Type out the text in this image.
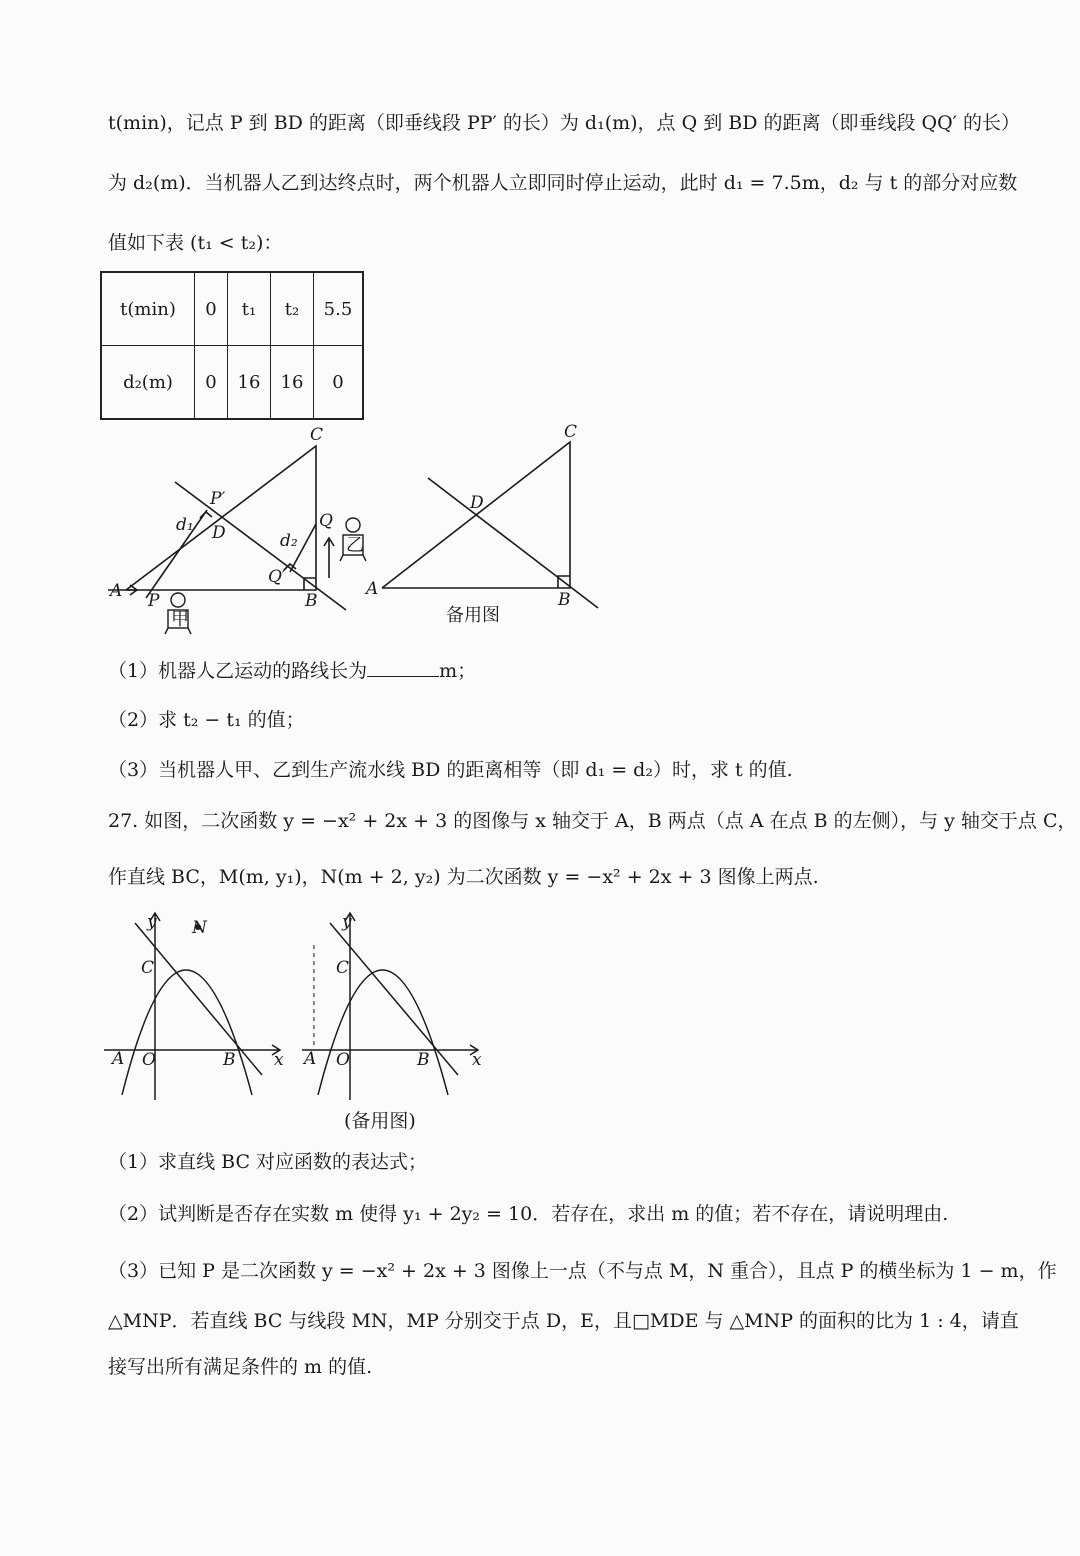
t(min)，记点 P 到 BD 的距离（即垂线段 PP′ 的长）为 d₁(m)，点 Q 到 BD 的距离（即垂线段 QQ′ 的长）
为 d₂(m)．当机器人乙到达终点时，两个机器人立即同时停止运动，此时 d₁ = 7.5m，d₂ 与 t 的部分对应数
值如下表 (t₁ < t₂)：
t(min)	0	t₁	t₂	5.5
d₂(m)	0	16	16	0
甲
乙
A	B
C
D
P
P′
Q
Q′
d₁
d₂
A
B
C
D
备用图
（1）机器人乙运动的路线长为	m；
（2）求 t₂ − t₁ 的值；
（3）当机器人甲、乙到生产流水线 BD 的距离相等（即 d₁ = d₂）时，求 t 的值.
27. 如图，二次函数 y = −x² + 2x + 3 的图像与 x 轴交于 A，B 两点（点 A 在点 B 的左侧），与 y 轴交于点 C，
作直线 BC，M(m, y₁)，N(m + 2, y₂) 为二次函数 y = −x² + 2x + 3 图像上两点.
y
x
A O	B
C
N	y
x
A O	B
C
(备用图)
（1）求直线 BC 对应函数的表达式；
（2）试判断是否存在实数 m 使得 y₁ + 2y₂ = 10．若存在，求出 m 的值；若不存在，请说明理由.
（3）已知 P 是二次函数 y = −x² + 2x + 3 图像上一点（不与点 M，N 重合），且点 P 的横坐标为 1 − m，作
△MNP．若直线 BC 与线段 MN，MP 分别交于点 D，E，且□MDE 与 △MNP 的面积的比为 1 : 4，请直
接写出所有满足条件的 m 的值.
